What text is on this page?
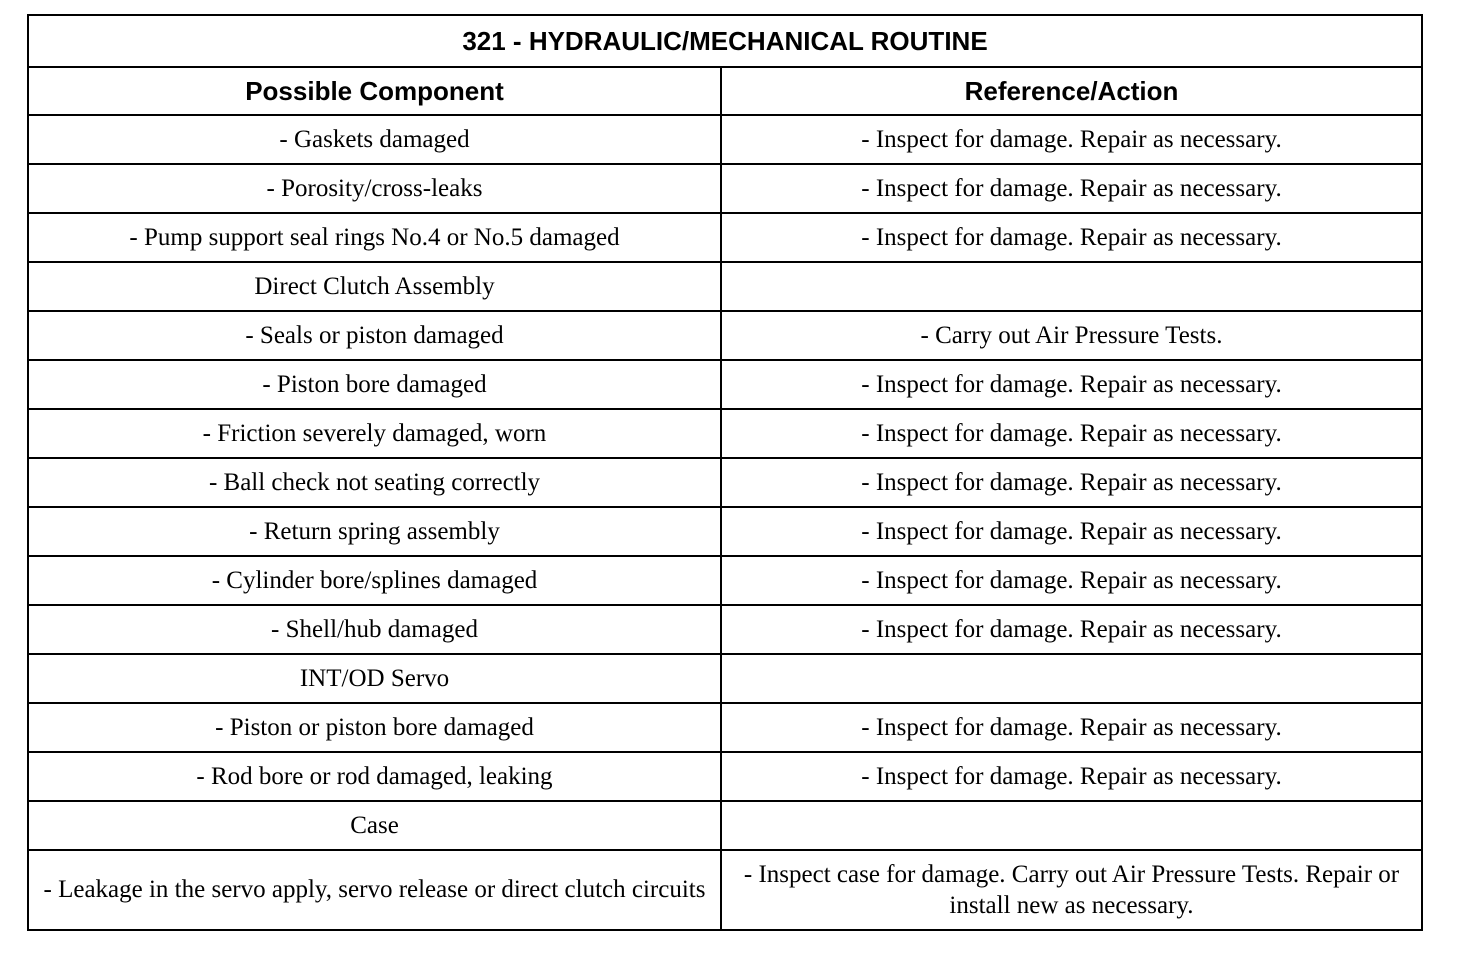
321 - HYDRAULIC/MECHANICAL ROUTINE	
Possible Component	Reference/Action
- Gaskets damaged	- Inspect for damage. Repair as necessary.
- Porosity/cross-leaks	- Inspect for damage. Repair as necessary.
- Pump support seal rings No.4 or No.5 damaged	- Inspect for damage. Repair as necessary.
Direct Clutch Assembly	
- Seals or piston damaged	- Carry out Air Pressure Tests.
- Piston bore damaged	- Inspect for damage. Repair as necessary.
- Friction severely damaged, worn	- Inspect for damage. Repair as necessary.
- Ball check not seating correctly	- Inspect for damage. Repair as necessary.
- Return spring assembly	- Inspect for damage. Repair as necessary.
- Cylinder bore/splines damaged	- Inspect for damage. Repair as necessary.
- Shell/hub damaged	- Inspect for damage. Repair as necessary.
INT/OD Servo	
- Piston or piston bore damaged	- Inspect for damage. Repair as necessary.
- Rod bore or rod damaged, leaking	- Inspect for damage. Repair as necessary.
Case	
- Leakage in the servo apply, servo release or direct clutch circuits	- Inspect case for damage. Carry out Air Pressure Tests. Repair or install new as necessary.
